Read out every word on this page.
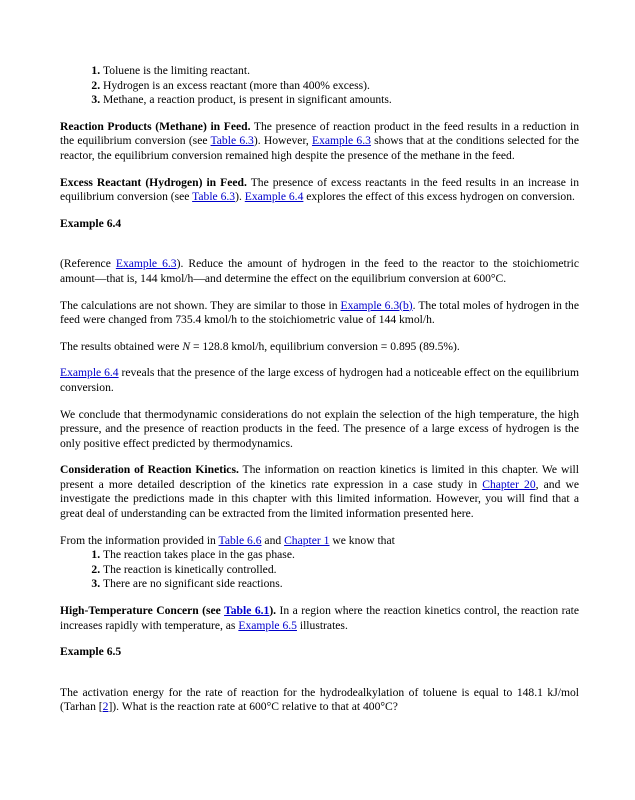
1. Toluene is the limiting reactant.
2. Hydrogen is an excess reactant (more than 400% excess).
3. Methane, a reaction product, is present in significant amounts.

Reaction Products (Methane) in Feed. The presence of reaction product in the feed results in a reduction in the equilibrium conversion (see Table 6.3). However, Example 6.3 shows that at the conditions selected for the reactor, the equilibrium conversion remained high despite the presence of the methane in the feed.

Excess Reactant (Hydrogen) in Feed. The presence of excess reactants in the feed results in an increase in equilibrium conversion (see Table 6.3). Example 6.4 explores the effect of this excess hydrogen on conversion.

Example 6.4

(Reference Example 6.3). Reduce the amount of hydrogen in the feed to the reactor to the stoichiometric amount—that is, 144 kmol/h—and determine the effect on the equilibrium conversion at 600°C.

The calculations are not shown. They are similar to those in Example 6.3(b). The total moles of hydrogen in the feed were changed from 735.4 kmol/h to the stoichiometric value of 144 kmol/h.

The results obtained were N = 128.8 kmol/h, equilibrium conversion = 0.895 (89.5%).

Example 6.4 reveals that the presence of the large excess of hydrogen had a noticeable effect on the equilibrium conversion.

We conclude that thermodynamic considerations do not explain the selection of the high temperature, the high pressure, and the presence of reaction products in the feed. The presence of a large excess of hydrogen is the only positive effect predicted by thermodynamics.

Consideration of Reaction Kinetics. The information on reaction kinetics is limited in this chapter. We will present a more detailed description of the kinetics rate expression in a case study in Chapter 20, and we investigate the predictions made in this chapter with this limited information. However, you will find that a great deal of understanding can be extracted from the limited information presented here.

From the information provided in Table 6.6 and Chapter 1 we know that

1. The reaction takes place in the gas phase.
2. The reaction is kinetically controlled.
3. There are no significant side reactions.

High-Temperature Concern (see Table 6.1). In a region where the reaction kinetics control, the reaction rate increases rapidly with temperature, as Example 6.5 illustrates.

Example 6.5

The activation energy for the rate of reaction for the hydrodealkylation of toluene is equal to 148.1 kJ/mol (Tarhan [2]). What is the reaction rate at 600°C relative to that at 400°C?
